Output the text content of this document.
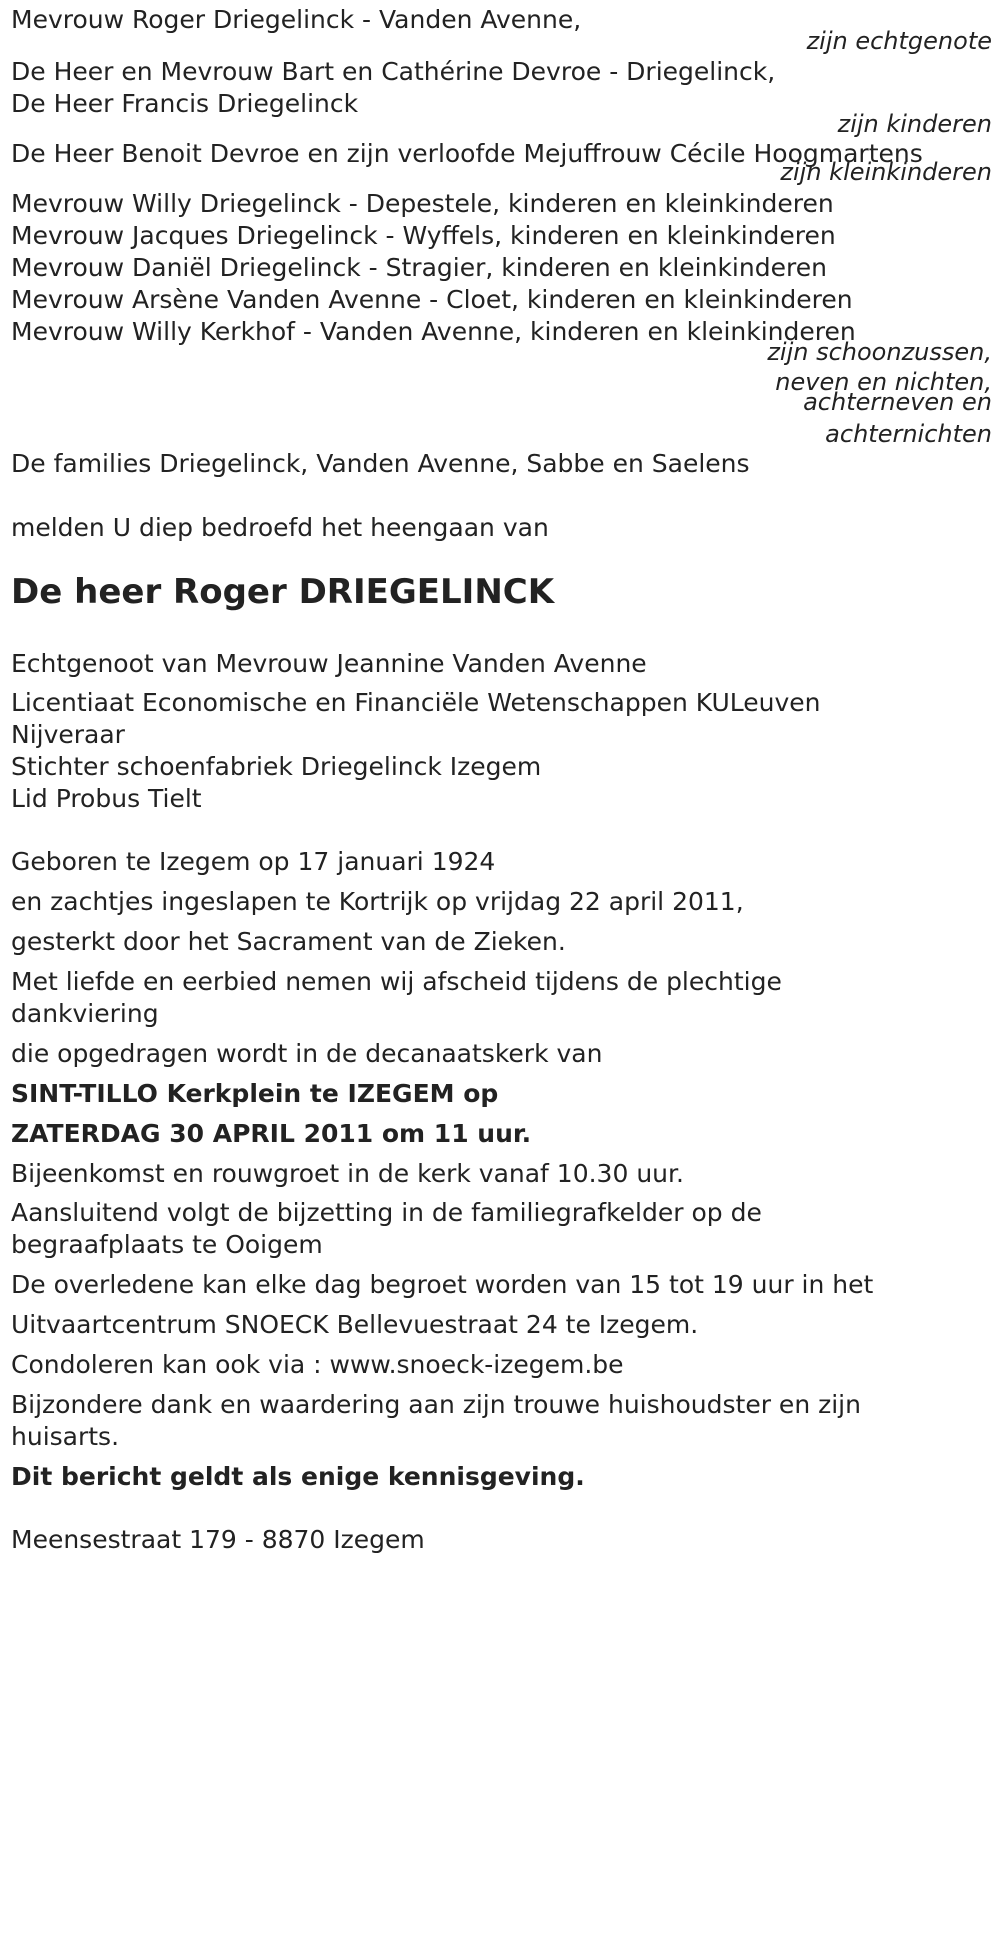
Mevrouw Roger Driegelinck - Vanden Avenne,
zijn echtgenote
De Heer en Mevrouw Bart en Cathérine Devroe - Driegelinck,
De Heer Francis Driegelinck
zijn kinderen
De Heer Benoit Devroe en zijn verloofde Mejuffrouw Cécile Hoogmartens
zijn kleinkinderen
Mevrouw Willy Driegelinck - Depestele, kinderen en kleinkinderen
Mevrouw Jacques Driegelinck - Wyffels, kinderen en kleinkinderen
Mevrouw Daniël Driegelinck - Stragier, kinderen en kleinkinderen
Mevrouw Arsène Vanden Avenne - Cloet, kinderen en kleinkinderen
Mevrouw Willy Kerkhof - Vanden Avenne, kinderen en kleinkinderen
zijn schoonzussen,
neven en nichten,
achterneven en
achternichten
De families Driegelinck, Vanden Avenne, Sabbe en Saelens
melden U diep bedroefd het heengaan van
De heer Roger DRIEGELINCK
Echtgenoot van Mevrouw Jeannine Vanden Avenne
Licentiaat Economische en Financiële Wetenschappen KULeuven
Nijveraar
Stichter schoenfabriek Driegelinck Izegem
Lid Probus Tielt
Geboren te Izegem op 17 januari 1924
en zachtjes ingeslapen te Kortrijk op vrijdag 22 april 2011,
gesterkt door het Sacrament van de Zieken.
Met liefde en eerbied nemen wij afscheid tijdens de plechtige
dankviering
die opgedragen wordt in de decanaatskerk van
SINT-TILLO Kerkplein te IZEGEM op
ZATERDAG 30 APRIL 2011 om 11 uur.
Bijeenkomst en rouwgroet in de kerk vanaf 10.30 uur.
Aansluitend volgt de bijzetting in de familiegrafkelder op de
begraafplaats te Ooigem
De overledene kan elke dag begroet worden van 15 tot 19 uur in het
Uitvaartcentrum SNOECK Bellevuestraat 24 te Izegem.
Condoleren kan ook via : www.snoeck-izegem.be
Bijzondere dank en waardering aan zijn trouwe huishoudster en zijn
huisarts.
Dit bericht geldt als enige kennisgeving.
Meensestraat 179 - 8870 Izegem
